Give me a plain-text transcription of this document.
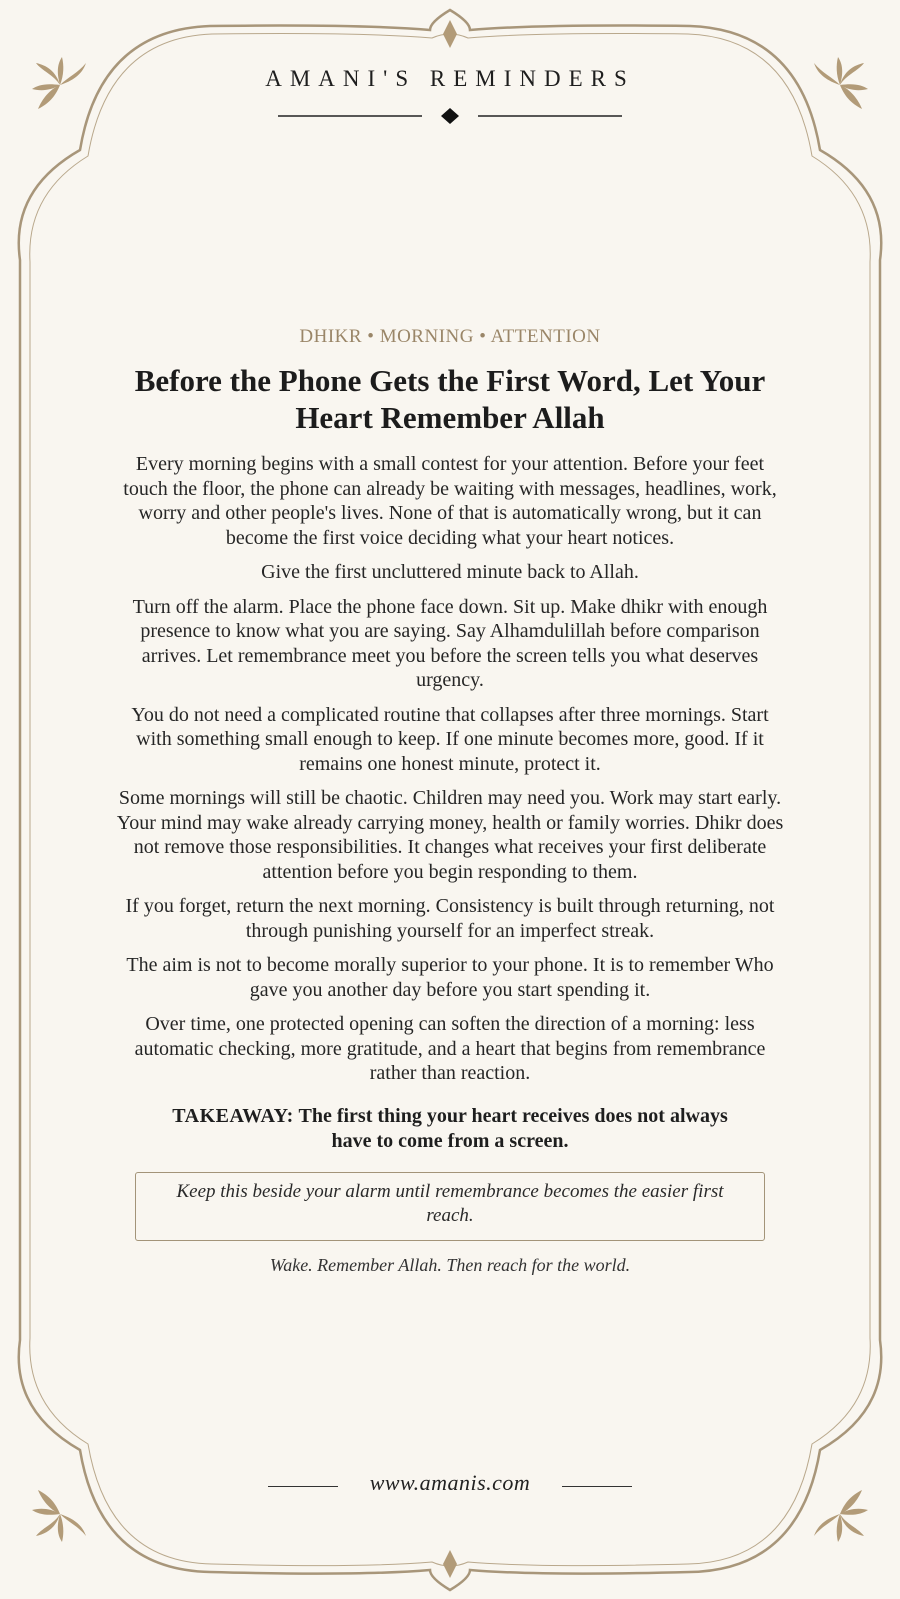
AMANI'S REMINDERS
DHIKR • MORNING • ATTENTION
Before the Phone Gets the First Word, Let Your Heart Remember Allah

Every morning begins with a small contest for your attention. Before your feet touch the floor, the phone can already be waiting with messages, headlines, work, worry and other people's lives. None of that is automatically wrong, but it can become the first voice deciding what your heart notices.

Give the first uncluttered minute back to Allah.

Turn off the alarm. Place the phone face down. Sit up. Make dhikr with enough presence to know what you are saying. Say Alhamdulillah before comparison arrives. Let remembrance meet you before the screen tells you what deserves urgency.

You do not need a complicated routine that collapses after three mornings. Start with something small enough to keep. If one minute becomes more, good. If it remains one honest minute, protect it.

Some mornings will still be chaotic. Children may need you. Work may start early. Your mind may wake already carrying money, health or family worries. Dhikr does not remove those responsibilities. It changes what receives your first deliberate attention before you begin responding to them.

If you forget, return the next morning. Consistency is built through returning, not through punishing yourself for an imperfect streak.

The aim is not to become morally superior to your phone. It is to remember Who gave you another day before you start spending it.

Over time, one protected opening can soften the direction of a morning: less automatic checking, more gratitude, and a heart that begins from remembrance rather than reaction.

TAKEAWAY: The first thing your heart receives does not always have to come from a screen.
Keep this beside your alarm until remembrance becomes the easier first reach.
Wake. Remember Allah. Then reach for the world.
www.amanis.com
